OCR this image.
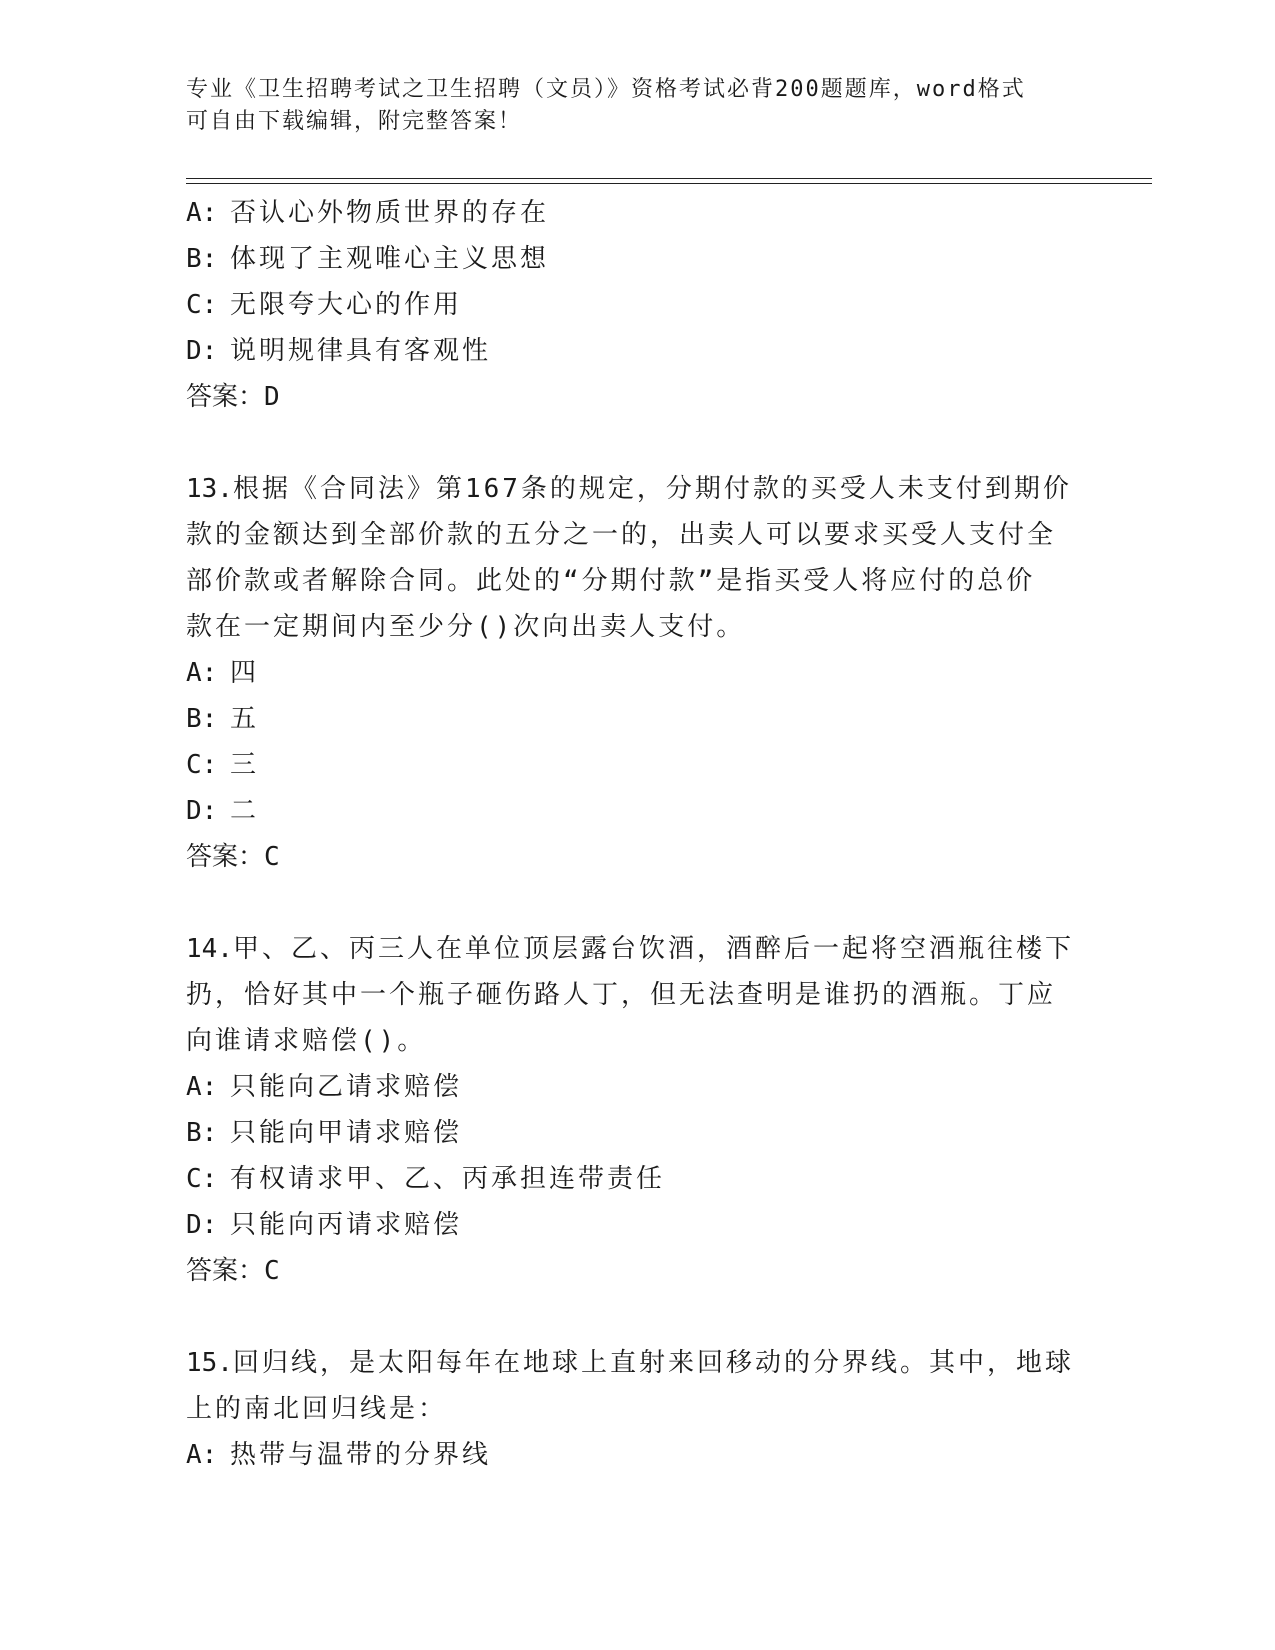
专业《卫生招聘考试之卫生招聘（文员）》资格考试必背200题题库，word格式
可自由下载编辑，附完整答案！
A: 否认心外物质世界的存在
B: 体现了主观唯心主义思想
C: 无限夸大心的作用
D: 说明规律具有客观性
答案：D
13.根据《合同法》第167条的规定，分期付款的买受人未支付到期价
款的金额达到全部价款的五分之一的，出卖人可以要求买受人支付全
部价款或者解除合同。此处的“分期付款”是指买受人将应付的总价
款在一定期间内至少分()次向出卖人支付。
A: 四
B: 五
C: 三
D: 二
答案：C
14.甲、乙、丙三人在单位顶层露台饮酒，酒醉后一起将空酒瓶往楼下
扔，恰好其中一个瓶子砸伤路人丁，但无法查明是谁扔的酒瓶。丁应
向谁请求赔偿()。
A: 只能向乙请求赔偿
B: 只能向甲请求赔偿
C: 有权请求甲、乙、丙承担连带责任
D: 只能向丙请求赔偿
答案：C
15.回归线，是太阳每年在地球上直射来回移动的分界线。其中，地球
上的南北回归线是：
A: 热带与温带的分界线
